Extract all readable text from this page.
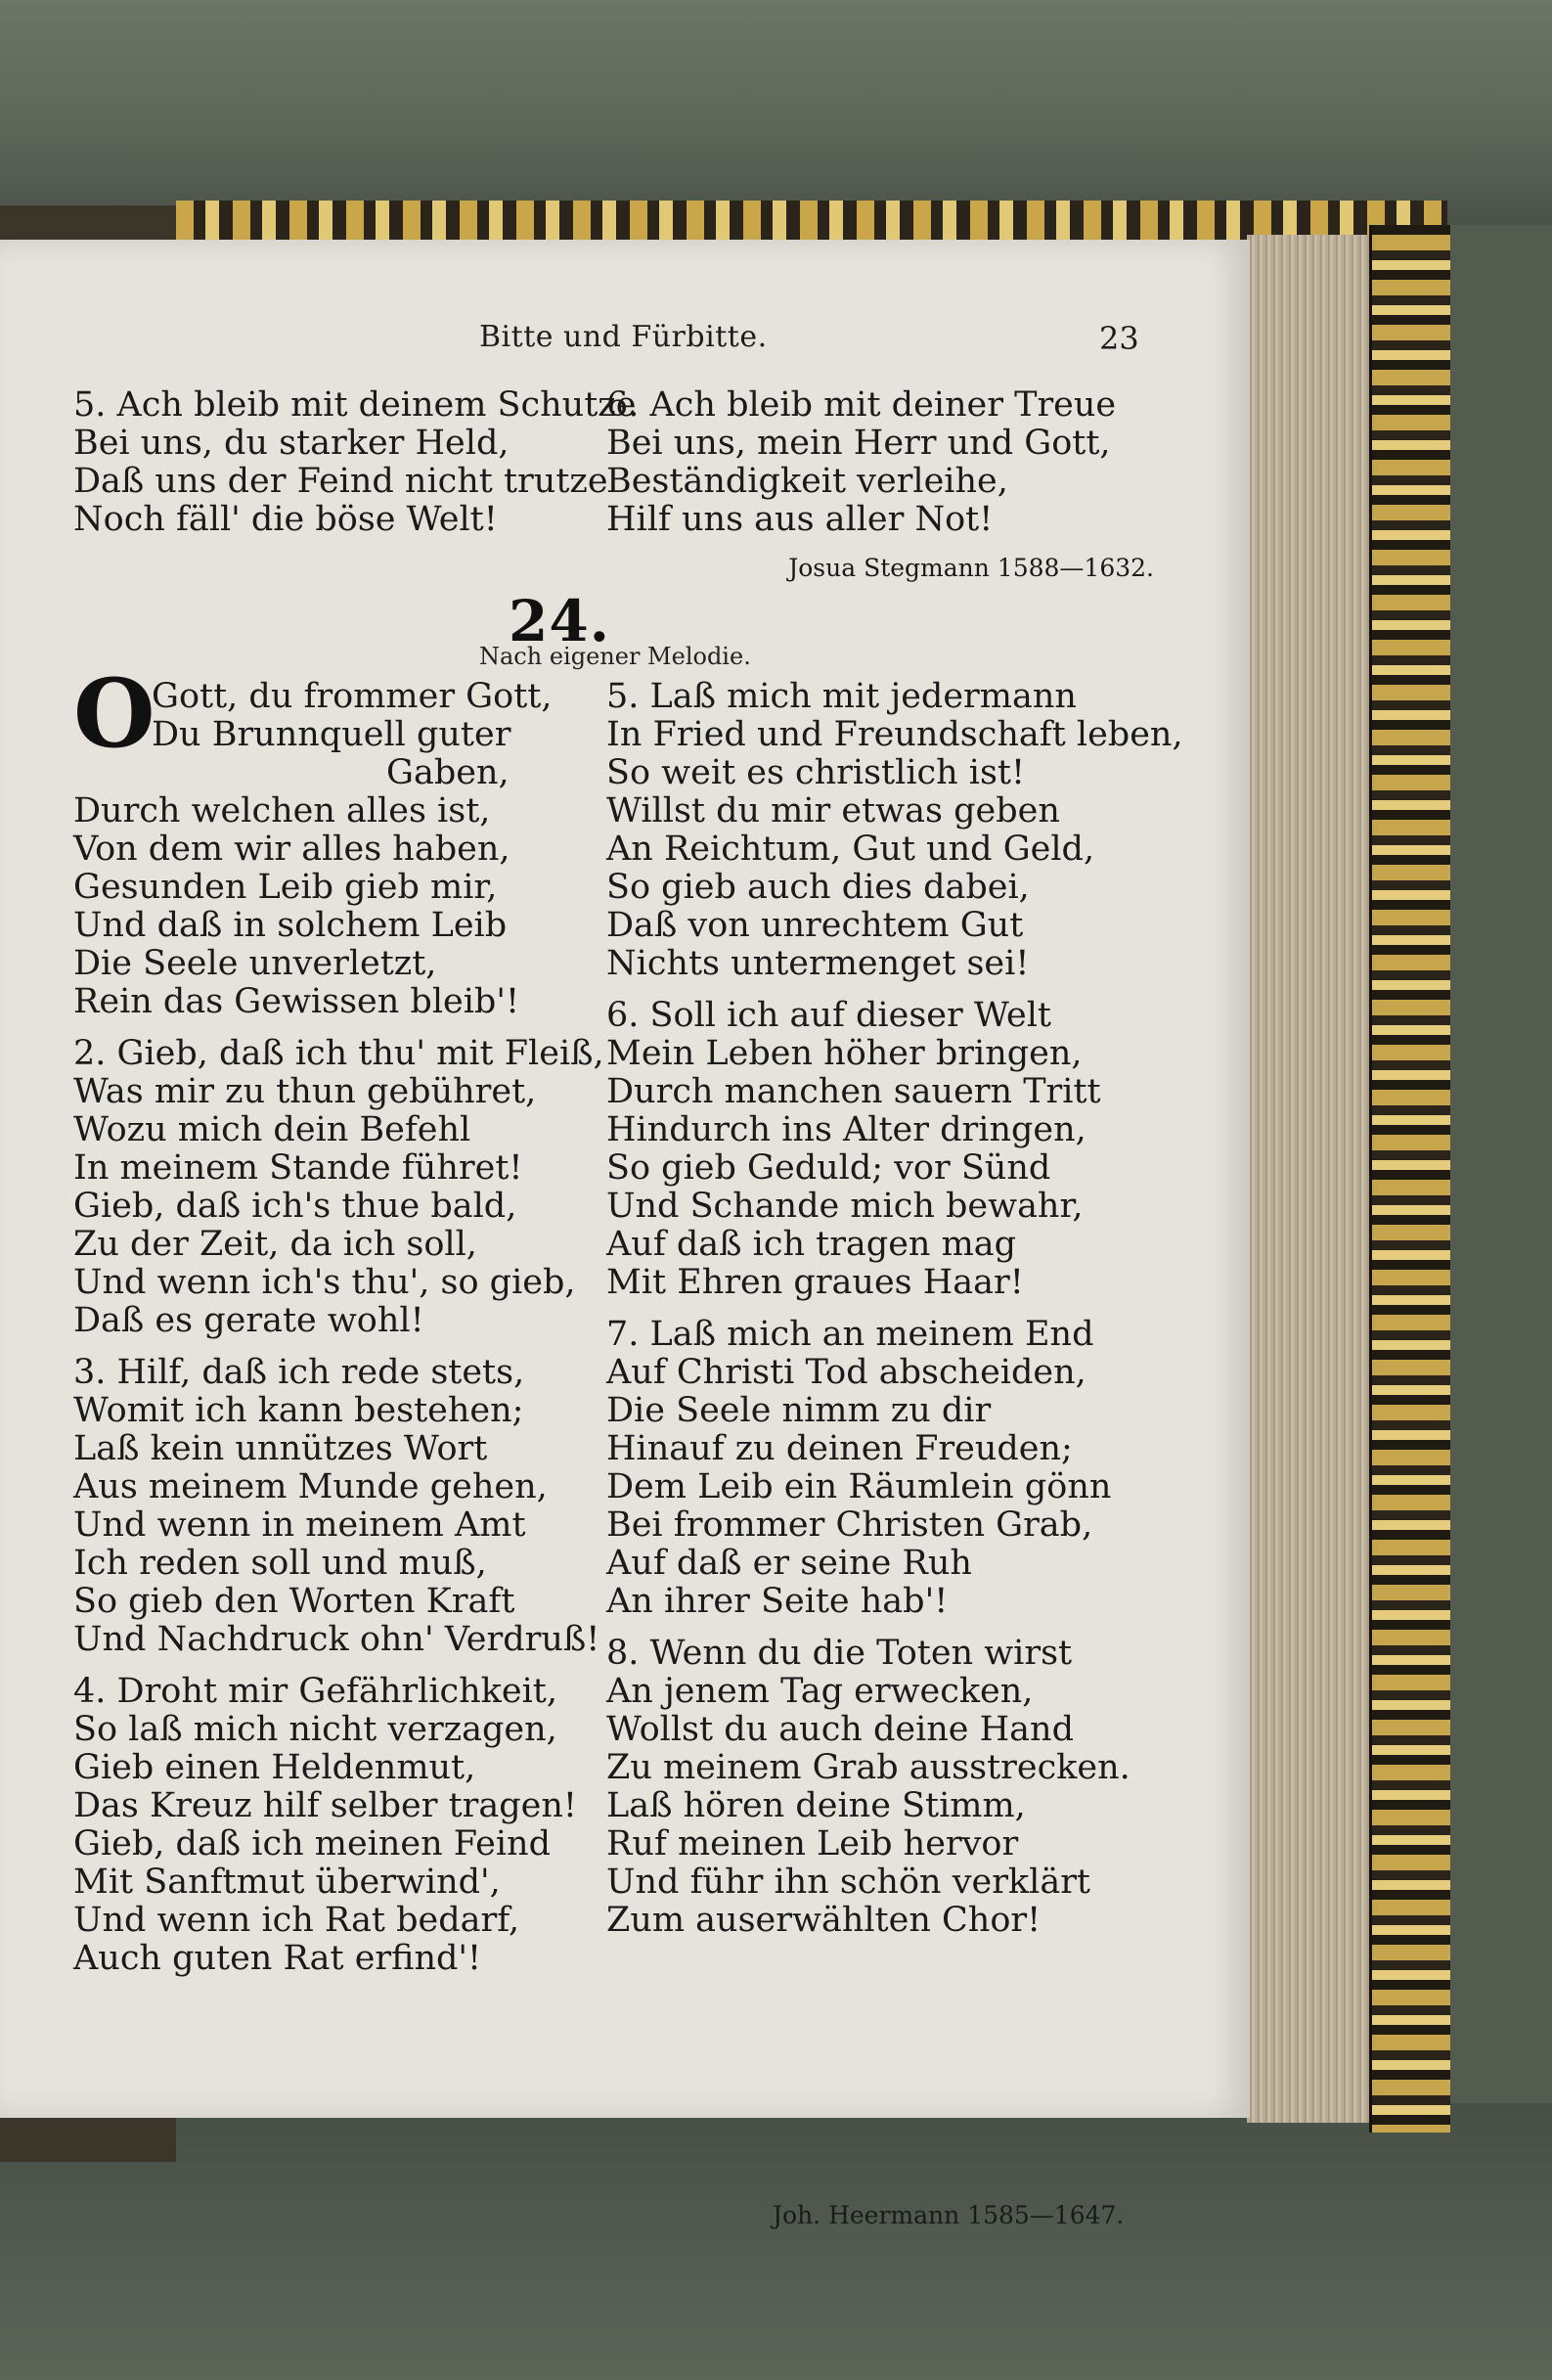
Bitte und Fürbitte.	23
5. Ach bleib mit deinem Schutze
Bei uns, du starker Held,
Daß uns der Feind nicht trutze
Noch fäll' die böse Welt!
6. Ach bleib mit deiner Treue
Bei uns, mein Herr und Gott,
Beständigkeit verleihe,
Hilf uns aus aller Not!
Josua Stegmann 1588—1632.
24.
Nach eigener Melodie.
O
Gott, du frommer Gott,
Du Brunnquell guter
Gaben,
Durch welchen alles ist,
Von dem wir alles haben,
Gesunden Leib gieb mir,
Und daß in solchem Leib
Die Seele unverletzt,
Rein das Gewissen bleib'!
2. Gieb, daß ich thu' mit Fleiß,
Was mir zu thun gebühret,
Wozu mich dein Befehl
In meinem Stande führet!
Gieb, daß ich's thue bald,
Zu der Zeit, da ich soll,
Und wenn ich's thu', so gieb,
Daß es gerate wohl!
3. Hilf, daß ich rede stets,
Womit ich kann bestehen;
Laß kein unnützes Wort
Aus meinem Munde gehen,
Und wenn in meinem Amt
Ich reden soll und muß,
So gieb den Worten Kraft
Und Nachdruck ohn' Verdruß!
4. Droht mir Gefährlichkeit,
So laß mich nicht verzagen,
Gieb einen Heldenmut,
Das Kreuz hilf selber tragen!
Gieb, daß ich meinen Feind
Mit Sanftmut überwind',
Und wenn ich Rat bedarf,
Auch guten Rat erfind'!
5. Laß mich mit jedermann
In Fried und Freundschaft leben,
So weit es christlich ist!
Willst du mir etwas geben
An Reichtum, Gut und Geld,
So gieb auch dies dabei,
Daß von unrechtem Gut
Nichts untermenget sei!
6. Soll ich auf dieser Welt
Mein Leben höher bringen,
Durch manchen sauern Tritt
Hindurch ins Alter dringen,
So gieb Geduld; vor Sünd
Und Schande mich bewahr,
Auf daß ich tragen mag
Mit Ehren graues Haar!
7. Laß mich an meinem End
Auf Christi Tod abscheiden,
Die Seele nimm zu dir
Hinauf zu deinen Freuden;
Dem Leib ein Räumlein gönn
Bei frommer Christen Grab,
Auf daß er seine Ruh
An ihrer Seite hab'!
8. Wenn du die Toten wirst
An jenem Tag erwecken,
Wollst du auch deine Hand
Zu meinem Grab ausstrecken.
Laß hören deine Stimm,
Ruf meinen Leib hervor
Und führ ihn schön verklärt
Zum auserwählten Chor!
Joh. Heermann 1585—1647.
